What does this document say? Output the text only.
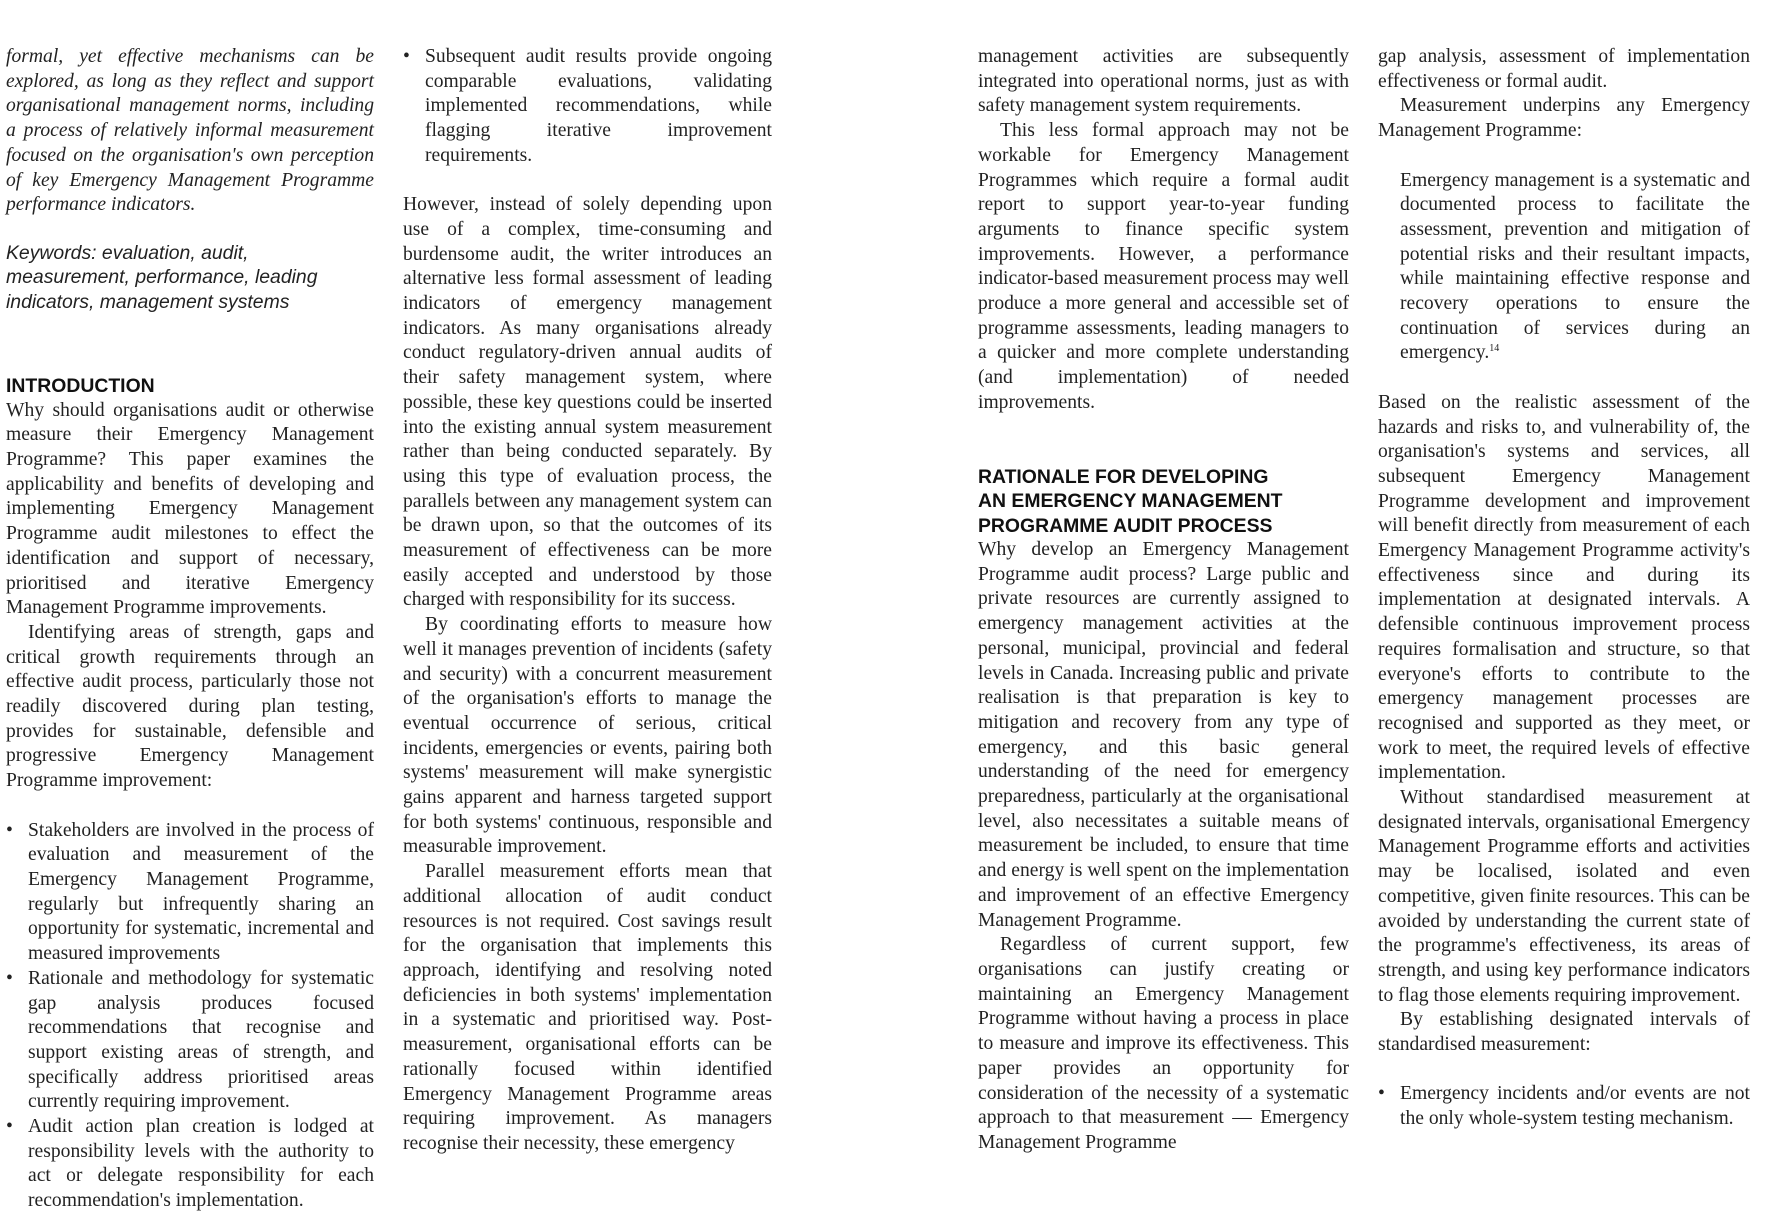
formal, yet effective mechanisms can be explored, as long as they reflect and support organisational management norms, including a process of relatively informal measurement focused on the organisation's own perception of key Emergency Management Programme performance indicators.

Keywords: evaluation, audit, measurement, performance, leading indicators, management systems

INTRODUCTION

Why should organisations audit or otherwise measure their Emergency Management Programme? This paper examines the applicability and benefits of developing and implementing Emergency Management Programme audit milestones to effect the identification and support of necessary, prioritised and iterative Emergency Management Programme improvements.

Identifying areas of strength, gaps and critical growth requirements through an effective audit process, particularly those not readily discovered during plan testing, provides for sustainable, defensible and progressive Emergency Management Programme improvement:

• Stakeholders are involved in the process of evaluation and measurement of the Emergency Management Programme, regularly but infrequently sharing an opportunity for systematic, incremental and measured improvements
• Rationale and methodology for systematic gap analysis produces focused recommendations that recognise and support existing areas of strength, and specifically address prioritised areas currently requiring improvement.
• Audit action plan creation is lodged at responsibility levels with the authority to act or delegate responsibility for each recommendation's implementation.
• Subsequent audit results provide ongoing comparable evaluations, validating implemented recommendations, while flagging iterative improvement requirements.

However, instead of solely depending upon use of a complex, time-consuming and burdensome audit, the writer introduces an alternative less formal assessment of leading indicators of emergency management indicators. As many organisations already conduct regulatory-driven annual audits of their safety management system, where possible, these key questions could be inserted into the existing annual system measurement rather than being conducted separately. By using this type of evaluation process, the parallels between any management system can be drawn upon, so that the outcomes of its measurement of effectiveness can be more easily accepted and understood by those charged with responsibility for its success.

By coordinating efforts to measure how well it manages prevention of incidents (safety and security) with a concurrent measurement of the organisation's efforts to manage the eventual occurrence of serious, critical incidents, emergencies or events, pairing both systems' measurement will make synergistic gains apparent and harness targeted support for both systems' continuous, responsible and measurable improvement.

Parallel measurement efforts mean that additional allocation of audit conduct resources is not required. Cost savings result for the organisation that implements this approach, identifying and resolving noted deficiencies in both systems' implementation in a systematic and prioritised way. Post-measurement, organisational efforts can be rationally focused within identified Emergency Management Programme areas requiring improvement. As managers recognise their necessity, these emergency

management activities are subsequently integrated into operational norms, just as with safety management system requirements.

This less formal approach may not be workable for Emergency Management Programmes which require a formal audit report to support year-to-year funding arguments to finance specific system improvements. However, a performance indicator-based measurement process may well produce a more general and accessible set of programme assessments, leading managers to a quicker and more complete understanding (and implementation) of needed improvements.

RATIONALE FOR DEVELOPING
AN EMERGENCY MANAGEMENT
PROGRAMME AUDIT PROCESS

Why develop an Emergency Management Programme audit process? Large public and private resources are currently assigned to emergency management activities at the personal, municipal, provincial and federal levels in Canada. Increasing public and private realisation is that preparation is key to mitigation and recovery from any type of emergency, and this basic general understanding of the need for emergency preparedness, particularly at the organisational level, also necessitates a suitable means of measurement be included, to ensure that time and energy is well spent on the implementation and improvement of an effective Emergency Management Programme.

Regardless of current support, few organisations can justify creating or maintaining an Emergency Management Programme without having a process in place to measure and improve its effectiveness. This paper provides an opportunity for consideration of the necessity of a systematic approach to that measurement — Emergency Management Programme

gap analysis, assessment of implementation effectiveness or formal audit.

Measurement underpins any Emergency Management Programme:

Emergency management is a systematic and documented process to facilitate the assessment, prevention and mitigation of potential risks and their resultant impacts, while maintaining effective response and recovery operations to ensure the continuation of services during an emergency.$^{14}$

Based on the realistic assessment of the hazards and risks to, and vulnerability of, the organisation's systems and services, all subsequent Emergency Management Programme development and improvement will benefit directly from measurement of each Emergency Management Programme activity's effectiveness since and during its implementation at designated intervals. A defensible continuous improvement process requires formalisation and structure, so that everyone's efforts to contribute to the emergency management processes are recognised and supported as they meet, or work to meet, the required levels of effective implementation.

Without standardised measurement at designated intervals, organisational Emergency Management Programme efforts and activities may be localised, isolated and even competitive, given finite resources. This can be avoided by understanding the current state of the programme's effectiveness, its areas of strength, and using key performance indicators to flag those elements requiring improvement.

By establishing designated intervals of standardised measurement:

• Emergency incidents and/or events are not the only whole-system testing mechanism.
